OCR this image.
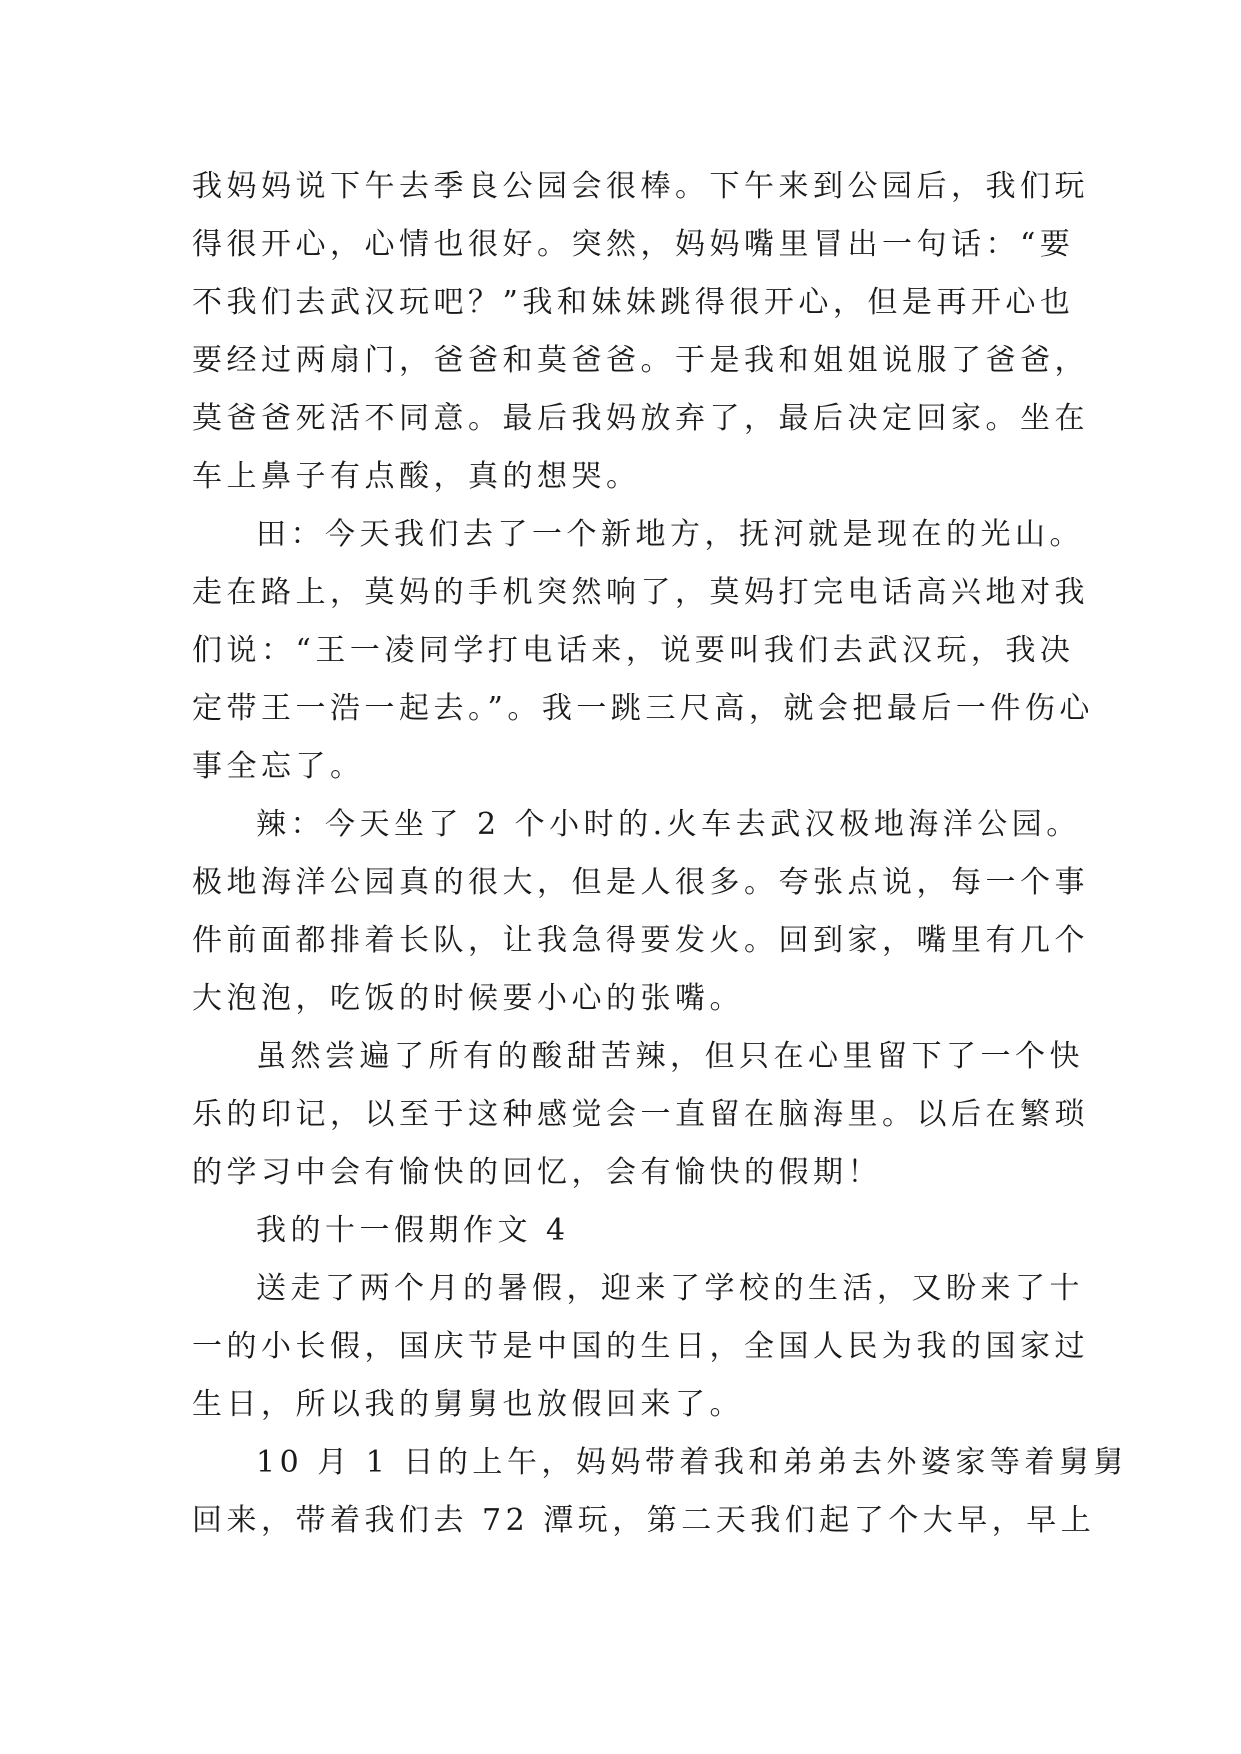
我妈妈说下午去季良公园会很棒。下午来到公园后，我们玩
得很开心，心情也很好。突然，妈妈嘴里冒出一句话：“要
不我们去武汉玩吧？”我和妹妹跳得很开心，但是再开心也
要经过两扇门，爸爸和莫爸爸。于是我和姐姐说服了爸爸，
莫爸爸死活不同意。最后我妈放弃了，最后决定回家。坐在
车上鼻子有点酸，真的想哭。
田：今天我们去了一个新地方，抚河就是现在的光山。
走在路上，莫妈的手机突然响了，莫妈打完电话高兴地对我
们说：“王一凌同学打电话来，说要叫我们去武汉玩，我决
定带王一浩一起去。”。我一跳三尺高，就会把最后一件伤心
事全忘了。
辣：今天坐了 2 个小时的.火车去武汉极地海洋公园。
极地海洋公园真的很大，但是人很多。夸张点说，每一个事
件前面都排着长队，让我急得要发火。回到家，嘴里有几个
大泡泡，吃饭的时候要小心的张嘴。
虽然尝遍了所有的酸甜苦辣，但只在心里留下了一个快
乐的印记，以至于这种感觉会一直留在脑海里。以后在繁琐
的学习中会有愉快的回忆，会有愉快的假期！
我的十一假期作文 4
送走了两个月的暑假，迎来了学校的生活，又盼来了十
一的小长假，国庆节是中国的生日，全国人民为我的国家过
生日，所以我的舅舅也放假回来了。
10 月 1 日的上午，妈妈带着我和弟弟去外婆家等着舅舅
回来，带着我们去 72 潭玩，第二天我们起了个大早，早上
